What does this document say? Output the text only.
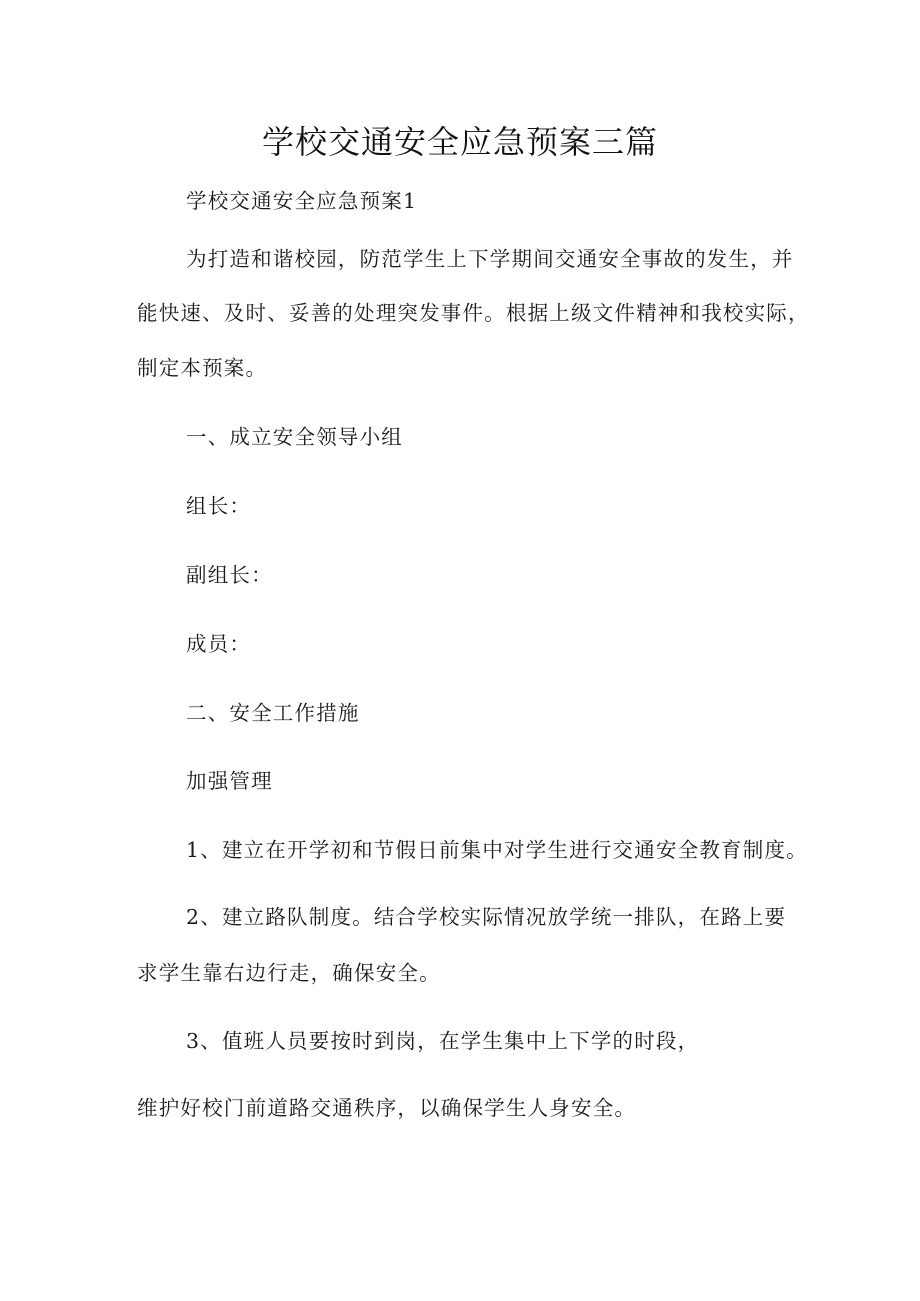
学校交通安全应急预案三篇
学校交通安全应急预案1
为打造和谐校园，防范学生上下学期间交通安全事故的发生，并
能快速、及时、妥善的处理突发事件。根据上级文件精神和我校实际，
制定本预案。
一、成立安全领导小组
组长：
副组长：
成员：
二、安全工作措施
加强管理
1、建立在开学初和节假日前集中对学生进行交通安全教育制度。
2、建立路队制度。结合学校实际情况放学统一排队，在路上要
求学生靠右边行走，确保安全。
3、值班人员要按时到岗，在学生集中上下学的时段，
维护好校门前道路交通秩序，以确保学生人身安全。
